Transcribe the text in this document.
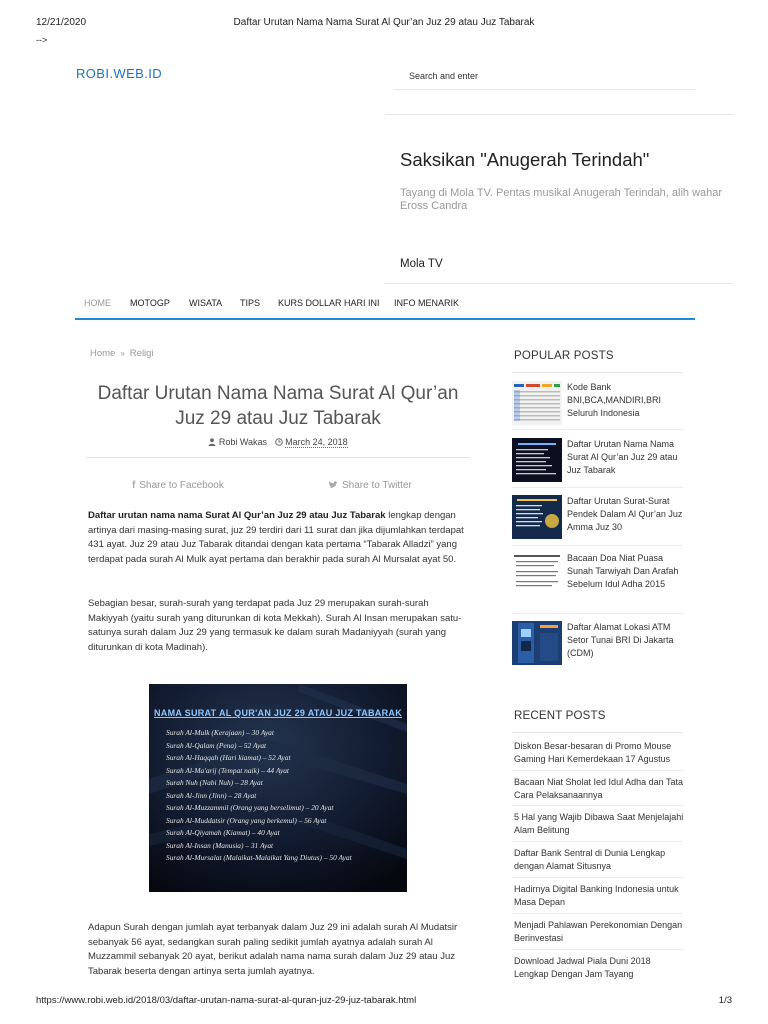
12/21/2020	Daftar Urutan Nama Nama Surat Al Qur’an Juz 29 atau Juz Tabarak
-->
ROBI.WEB.ID
Search and enter
Saksikan "Anugerah Terindah"
Tayang di Mola TV. Pentas musikal Anugerah Terindah, alih wahar Eross Candra
Mola TV
HOME MOTOGP WISATA TIPS KURS DOLLAR HARI INI INFO MENARIK
Home » Religi
Daftar Urutan Nama Nama Surat Al Qur’an Juz 29 atau Juz Tabarak
Robi Wakas March 24, 2018
f Share to Facebook	Share to Twitter

Daftar urutan nama nama Surat Al Qur’an Juz 29 atau Juz Tabarak lengkap dengan artinya dari masing-masing surat, juz 29 terdiri dari 11 surat dan jika dijumlahkan terdapat 431 ayat. Juz 29 atau Juz Tabarak ditandai dengan kata pertama “Tabarak Alladzi” yang terdapat pada surah Al Mulk ayat pertama dan berakhir pada surah Al Mursalat ayat 50.

Sebagian besar, surah-surah yang terdapat pada Juz 29 merupakan surah-surah Makiyyah (yaitu surah yang diturunkan di kota Mekkah). Surah Al Insan merupakan satu-satunya surah dalam Juz 29 yang termasuk ke dalam surah Madaniyyah (surah yang diturunkan di kota Madinah).

NAMA SURAT AL QUR'AN JUZ 29 ATAU JUZ TABARAK
Surah Al-Mulk (Kerajaan) – 30 Ayat
Surah Al-Qalam (Pena) – 52 Ayat
Surah Al-Haqqah (Hari kiamat) – 52 Ayat
Surah Al-Ma'arij (Tempat naik) – 44 Ayat
Surah Nuh (Nabi Nuh) – 28 Ayat
Surah Al-Jinn (Jinn) – 28 Ayat
Surah Al-Muzzammil (Orang yang berselimut) – 20 Ayat
Surah Al-Muddatsir (Orang yang berkemul) – 56 Ayat
Surah Al-Qiyamah (Kiamat) – 40 Ayat
Surah Al-Insan (Manusia) – 31 Ayat
Surah Al-Mursalat (Malaikat-Malaikat Yang Diutus) – 50 Ayat

Adapun Surah dengan jumlah ayat terbanyak dalam Juz 29 ini adalah surah Al Mudatsir sebanyak 56 ayat, sedangkan surah paling sedikit jumlah ayatnya adalah surah Al Muzzammil sebanyak 20 ayat, berikut adalah nama nama surah dalam Juz 29 atau Juz Tabarak beserta dengan artinya serta jumlah ayatnya.

POPULAR POSTS
Kode Bank BNI,BCA,MANDIRI,BRI Seluruh Indonesia
Daftar Urutan Nama Nama Surat Al Qur’an Juz 29 atau Juz Tabarak
Daftar Urutan Surat-Surat Pendek Dalam Al Qur’an Juz Amma Juz 30
Bacaan Doa Niat Puasa Sunah Tarwiyah Dan Arafah Sebelum Idul Adha 2015
Daftar Alamat Lokasi ATM Setor Tunai BRI Di Jakarta (CDM)
RECENT POSTS
Diskon Besar-besaran di Promo Mouse Gaming Hari Kemerdekaan 17 Agustus
Bacaan Niat Sholat Ied Idul Adha dan Tata Cara Pelaksanaannya
5 Hal yang Wajib Dibawa Saat Menjelajahi Alam Belitung
Daftar Bank Sentral di Dunia Lengkap dengan Alamat Situsnya
Hadirnya Digital Banking Indonesia untuk Masa Depan
Menjadi Pahlawan Perekonomian Dengan Berinvestasi
Download Jadwal Piala Duni 2018 Lengkap Dengan Jam Tayang
https://www.robi.web.id/2018/03/daftar-urutan-nama-surat-al-quran-juz-29-juz-tabarak.html	1/3
